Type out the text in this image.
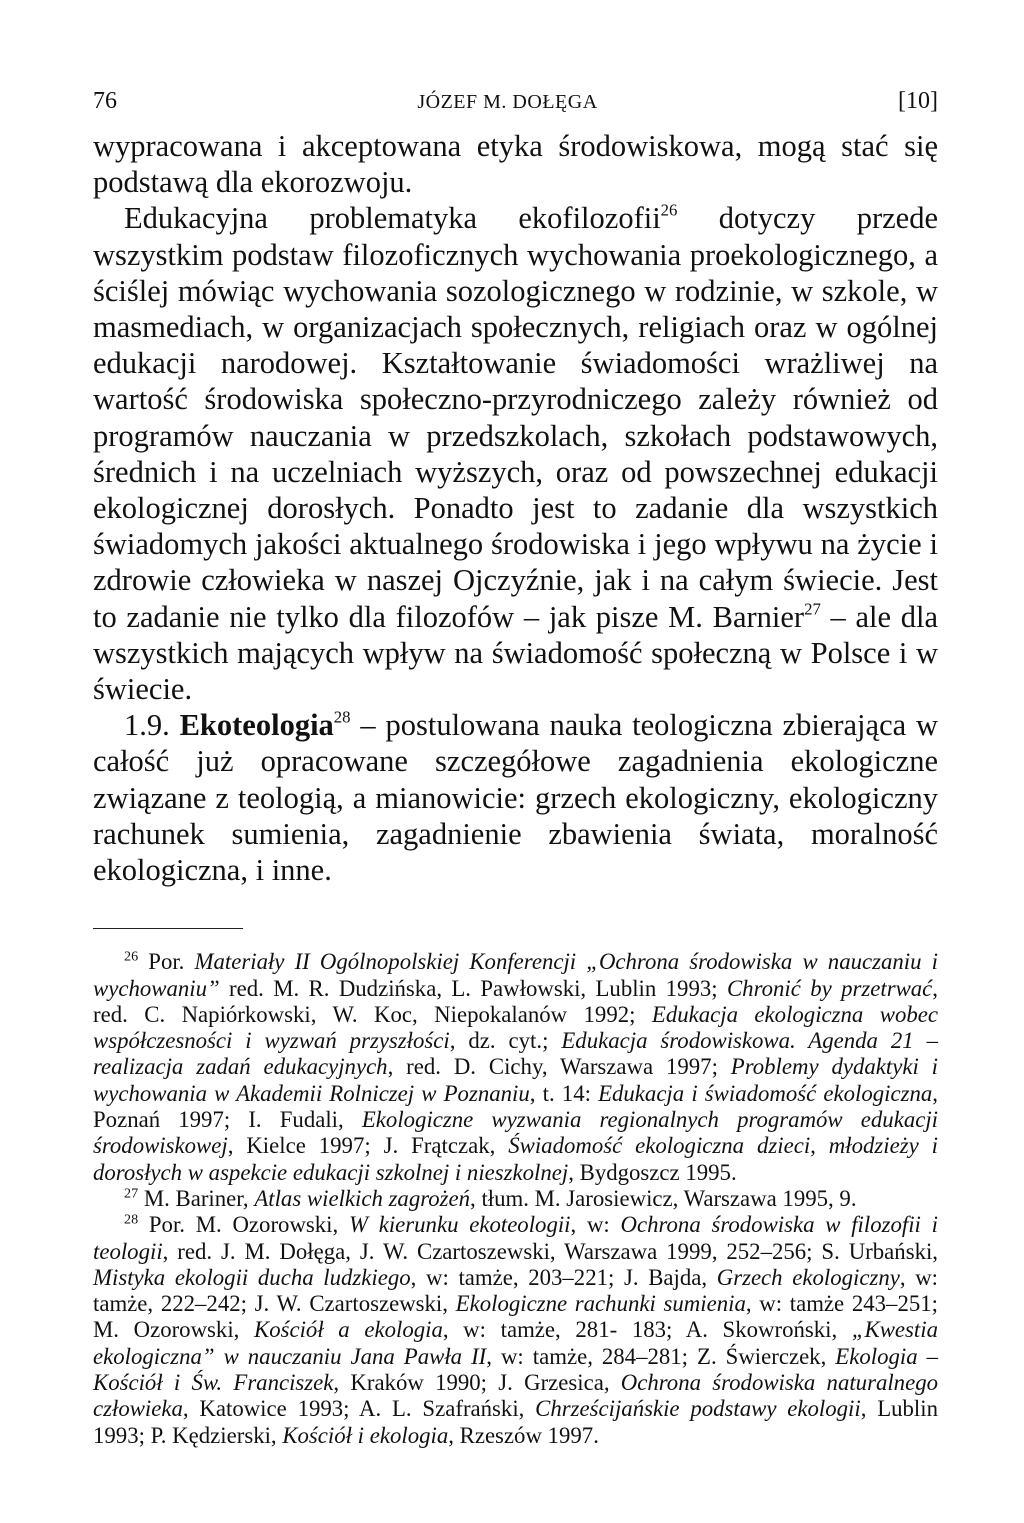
76	JÓZEF M. DOŁĘGA	[10]

wypracowana i akceptowana etyka środowiskowa, mogą stać się podstawą dla ekorozwoju.

Edukacyjna problematyka ekofilozofii$^{26}$ dotyczy przede wszystkim podstaw filozoficznych wychowania proekologicznego, a ściślej mówiąc wychowania sozologicznego w rodzinie, w szkole, w masmediach, w organizacjach społecznych, religiach oraz w ogólnej edukacji narodowej. Kształtowanie świadomości wrażliwej na wartość środowiska społeczno-przyrodniczego zależy również od programów nauczania w przedszkolach, szkołach podstawowych, średnich i na uczelniach wyższych, oraz od powszechnej edukacji ekologicznej dorosłych. Ponadto jest to zadanie dla wszystkich świadomych jakości aktualnego środowiska i jego wpływu na życie i zdrowie człowieka w naszej Ojczyźnie, jak i na całym świecie. Jest to zadanie nie tylko dla filozofów – jak pisze M. Barnier$^{27}$ – ale dla wszystkich mających wpływ na świadomość społeczną w Polsce i w świecie.

1.9. Ekoteologia$^{28}$ – postulowana nauka teologiczna zbierająca w całość już opracowane szczegółowe zagadnienia ekologiczne związane z teologią, a mianowicie: grzech ekologiczny, ekologiczny rachunek sumienia, zagadnienie zbawienia świata, moralność ekologiczna, i inne.

$^{26}$ Por. Materiały II Ogólnopolskiej Konferencji „Ochrona środowiska w nauczaniu i wychowaniu” red. M. R. Dudzińska, L. Pawłowski, Lublin 1993; Chronić by przetrwać, red. C. Napiórkowski, W. Koc, Niepokalanów 1992; Edukacja ekologiczna wobec współczesności i wyzwań przyszłości, dz. cyt.; Edukacja środowiskowa. Agenda 21 – realizacja zadań edukacyjnych, red. D. Cichy, Warszawa 1997; Problemy dydaktyki i wychowania w Akademii Rolniczej w Poznaniu, t. 14: Edukacja i świadomość ekologiczna, Poznań 1997; I. Fudali, Ekologiczne wyzwania regionalnych programów edukacji środowiskowej, Kielce 1997; J. Frątczak, Świadomość ekologiczna dzieci, młodzieży i dorosłych w aspekcie edukacji szkolnej i nieszkolnej, Bydgoszcz 1995.

$^{27}$ M. Bariner, Atlas wielkich zagrożeń, tłum. M. Jarosiewicz, Warszawa 1995, 9.

$^{28}$ Por. M. Ozorowski, W kierunku ekoteologii, w: Ochrona środowiska w filozofii i teologii, red. J. M. Dołęga, J. W. Czartoszewski, Warszawa 1999, 252–256; S. Urbański, Mistyka ekologii ducha ludzkiego, w: tamże, 203–221; J. Bajda, Grzech ekologiczny, w: tamże, 222–242; J. W. Czartoszewski, Ekologiczne rachunki sumienia, w: tamże 243–251; M. Ozorowski, Kościół a ekologia, w: tamże, 281- 183; A. Skowroński, „Kwestia ekologiczna” w nauczaniu Jana Pawła II, w: tamże, 284–281; Z. Świerczek, Ekologia – Kościół i Św. Franciszek, Kraków 1990; J. Grzesica, Ochrona środowiska naturalnego człowieka, Katowice 1993; A. L. Szafrański, Chrześcijańskie podstawy ekologii, Lublin 1993; P. Kędzierski, Kościół i ekologia, Rzeszów 1997.
